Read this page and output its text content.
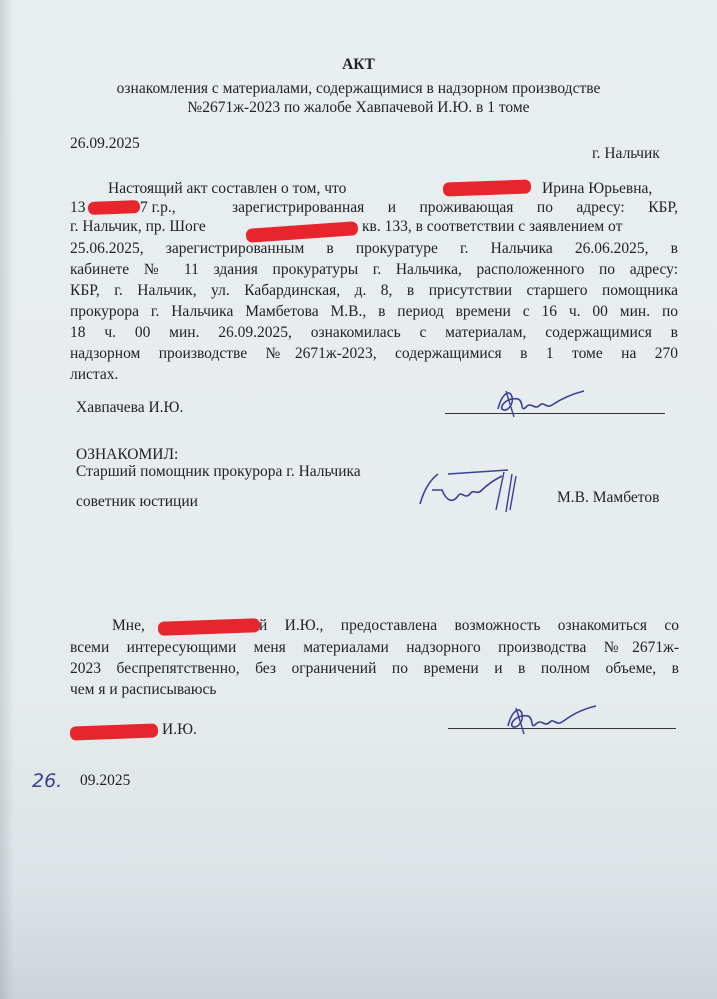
АКТ
ознакомления с материалами, содержащимися в надзорном производстве
№2671ж-2023 по жалобе Хавпачевой И.Ю. в 1 томе
26.09.2025
г. Нальчик
Настоящий акт составлен о том, что	Ирина Юрьевна,
13	7 г.р.,	зарегистрированная и проживающая по адресу: КБР,
г. Нальчик, пр. Шоге	кв. 133, в соответствии с заявлением от
25.06.2025, зарегистрированным в прокуратуре г. Нальчика 26.06.2025, в
кабинете № 11 здания прокуратуры г. Нальчика, расположенного по адресу:
КБР, г. Нальчик, ул. Кабардинская, д. 8, в присутствии старшего помощника
прокурора г. Нальчика Мамбетова М.В., в период времени с 16 ч. 00 мин. по
18 ч. 00 мин. 26.09.2025, ознакомилась с материалам, содержащимися в
надзорном производстве №2671ж-2023, содержащимися в 1 томе на 270
листах.
Хавпачева И.Ю.
ОЗНАКОМИЛ:
Старший помощник прокурора г. Нальчика
советник юстиции	М.В. Мамбетов
Мне,	й И.Ю., предоставлена возможность ознакомиться со
всеми интересующими меня материалами надзорного производства №2671ж-
2023 беспрепятственно, без ограничений по времени и в полном объеме, в
чем я и расписываюсь
И.Ю.
26. 09.2025
